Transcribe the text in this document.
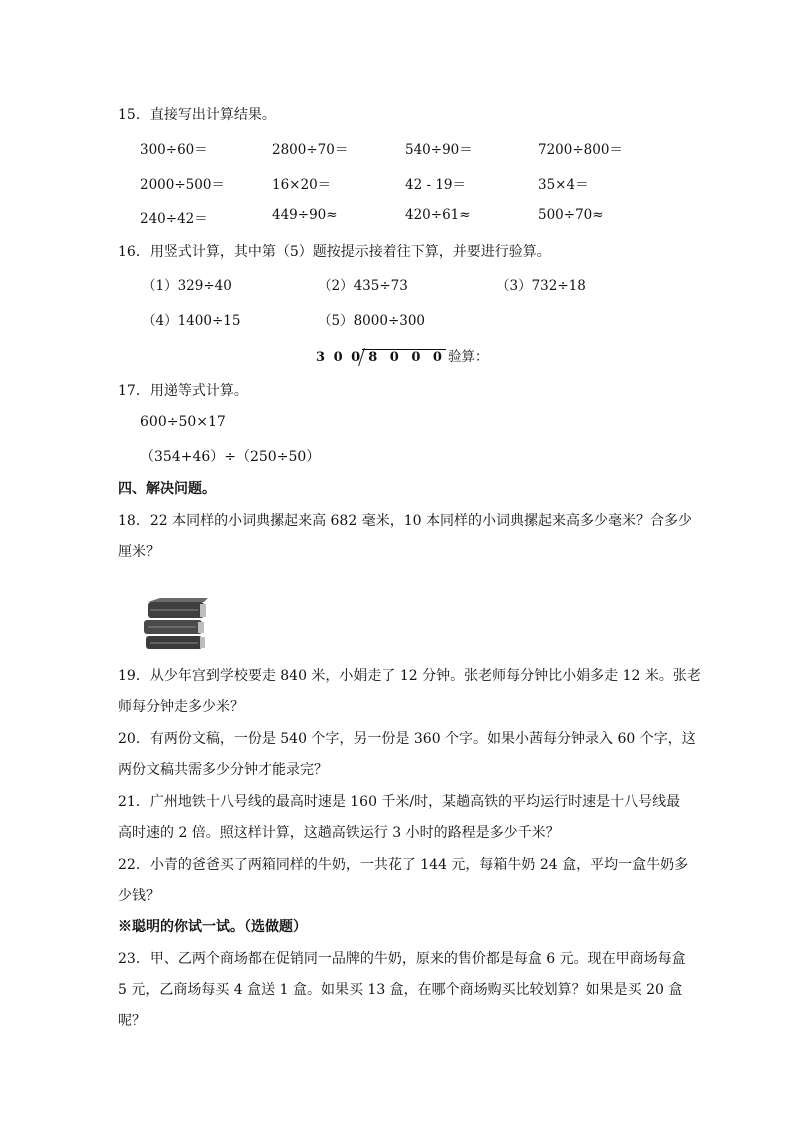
15．直接写出计算结果。
300÷60＝	2800÷70＝	540÷90＝	7200÷800＝
2000÷500＝	16×20＝	42 - 19＝	35×4＝
240÷42＝	449÷90≈	420÷61≈	500÷70≈
16．用竖式计算，其中第（5）题按提示接着往下算，并要进行验算。
（1）329÷40	（2）435÷73	（3）732÷18
（4）1400÷15	（5）8000÷300
3 0 0 8 0 0 0 验算：
17．用递等式计算。
600÷50×17
（354+46）÷（250÷50）
四、解决问题。
18．22 本同样的小词典摞起来高 682 毫米，10 本同样的小词典摞起来高多少毫米？合多少
厘米？
19．从少年宫到学校要走 840 米，小娟走了 12 分钟。张老师每分钟比小娟多走 12 米。张老
师每分钟走多少米？
20．有两份文稿，一份是 540 个字，另一份是 360 个字。如果小茜每分钟录入 60 个字，这
两份文稿共需多少分钟才能录完？
21．广州地铁十八号线的最高时速是 160 千米/时，某趟高铁的平均运行时速是十八号线最
高时速的 2 倍。照这样计算，这趟高铁运行 3 小时的路程是多少千米？
22．小青的爸爸买了两箱同样的牛奶，一共花了 144 元，每箱牛奶 24 盒，平均一盒牛奶多
少钱？
※聪明的你试一试。（选做题）
23．甲、乙两个商场都在促销同一品牌的牛奶，原来的售价都是每盒 6 元。现在甲商场每盒
5 元，乙商场每买 4 盒送 1 盒。如果买 13 盒，在哪个商场购买比较划算？如果是买 20 盒
呢？
